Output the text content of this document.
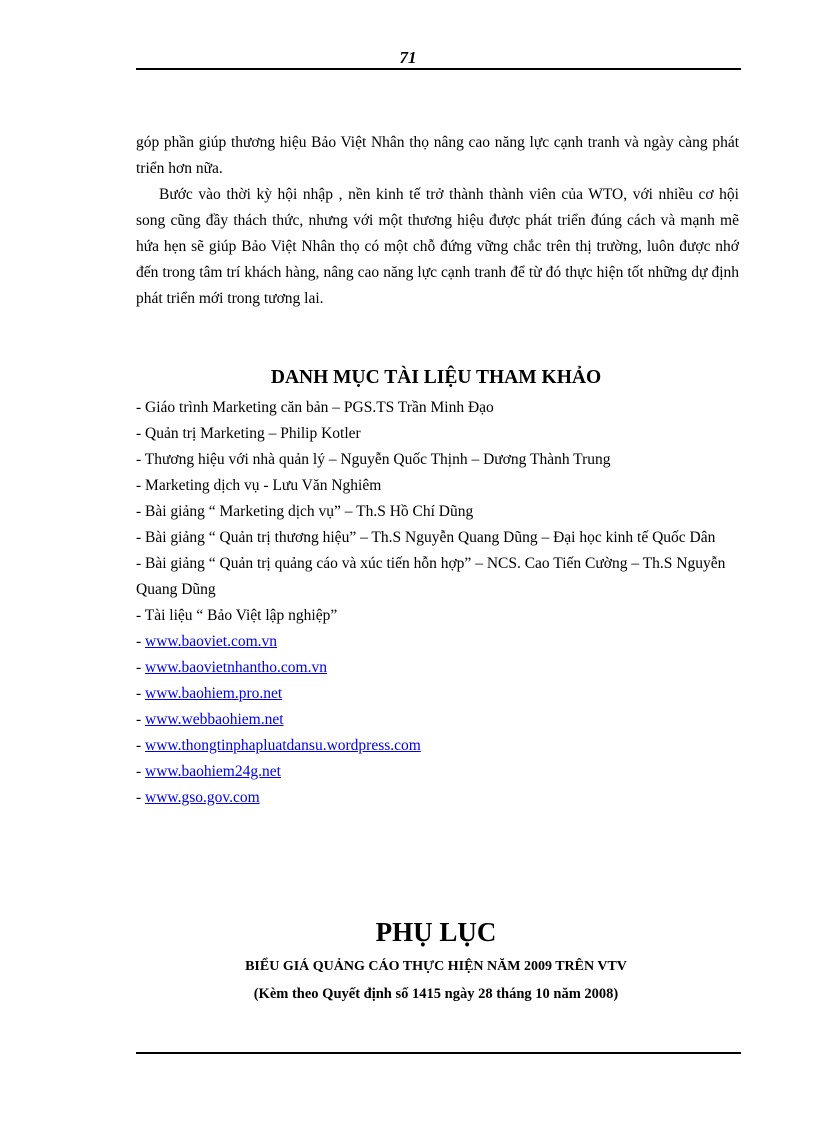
71

góp phần giúp thương hiệu Bảo Việt Nhân thọ nâng cao năng lực cạnh tranh và ngày càng phát triển hơn nữa.

Bước vào thời kỳ hội nhập , nền kinh tế trở thành thành viên của WTO, với nhiều cơ hội song cũng đầy thách thức, nhưng với một thương hiệu được phát triển đúng cách và mạnh mẽ hứa hẹn sẽ giúp Bảo Việt Nhân thọ có một chỗ đứng vững chắc trên thị trường, luôn được nhớ đến trong tâm trí khách hàng, nâng cao năng lực cạnh tranh để từ đó thực hiện tốt những dự định phát triển mới trong tương lai.

DANH MỤC TÀI LIỆU THAM KHẢO
- Giáo trình Marketing căn bản – PGS.TS Trần Minh Đạo
- Quản trị Marketing – Philip Kotler
- Thương hiệu với nhà quản lý – Nguyễn Quốc Thịnh – Dương Thành Trung
- Marketing dịch vụ - Lưu Văn Nghiêm
- Bài giảng “ Marketing dịch vụ” – Th.S Hồ Chí Dũng
- Bài giảng “ Quản trị thương hiệu” – Th.S Nguyễn Quang Dũng – Đại học kinh tế Quốc Dân
- Bài giảng “ Quản trị quảng cáo và xúc tiến hỗn hợp” – NCS. Cao Tiến Cường – Th.S Nguyễn Quang Dũng
- Tài liệu “ Bảo Việt lập nghiệp”
- www.baoviet.com.vn
- www.baovietnhantho.com.vn
- www.baohiem.pro.net
- www.webbaohiem.net
- www.thongtinphapluatdansu.wordpress.com
- www.baohiem24g.net
- www.gso.gov.com
PHỤ LỤC
BIỂU GIÁ QUẢNG CÁO THỰC HIỆN NĂM 2009 TRÊN VTV
(Kèm theo Quyết định số 1415 ngày 28 tháng 10 năm 2008)
